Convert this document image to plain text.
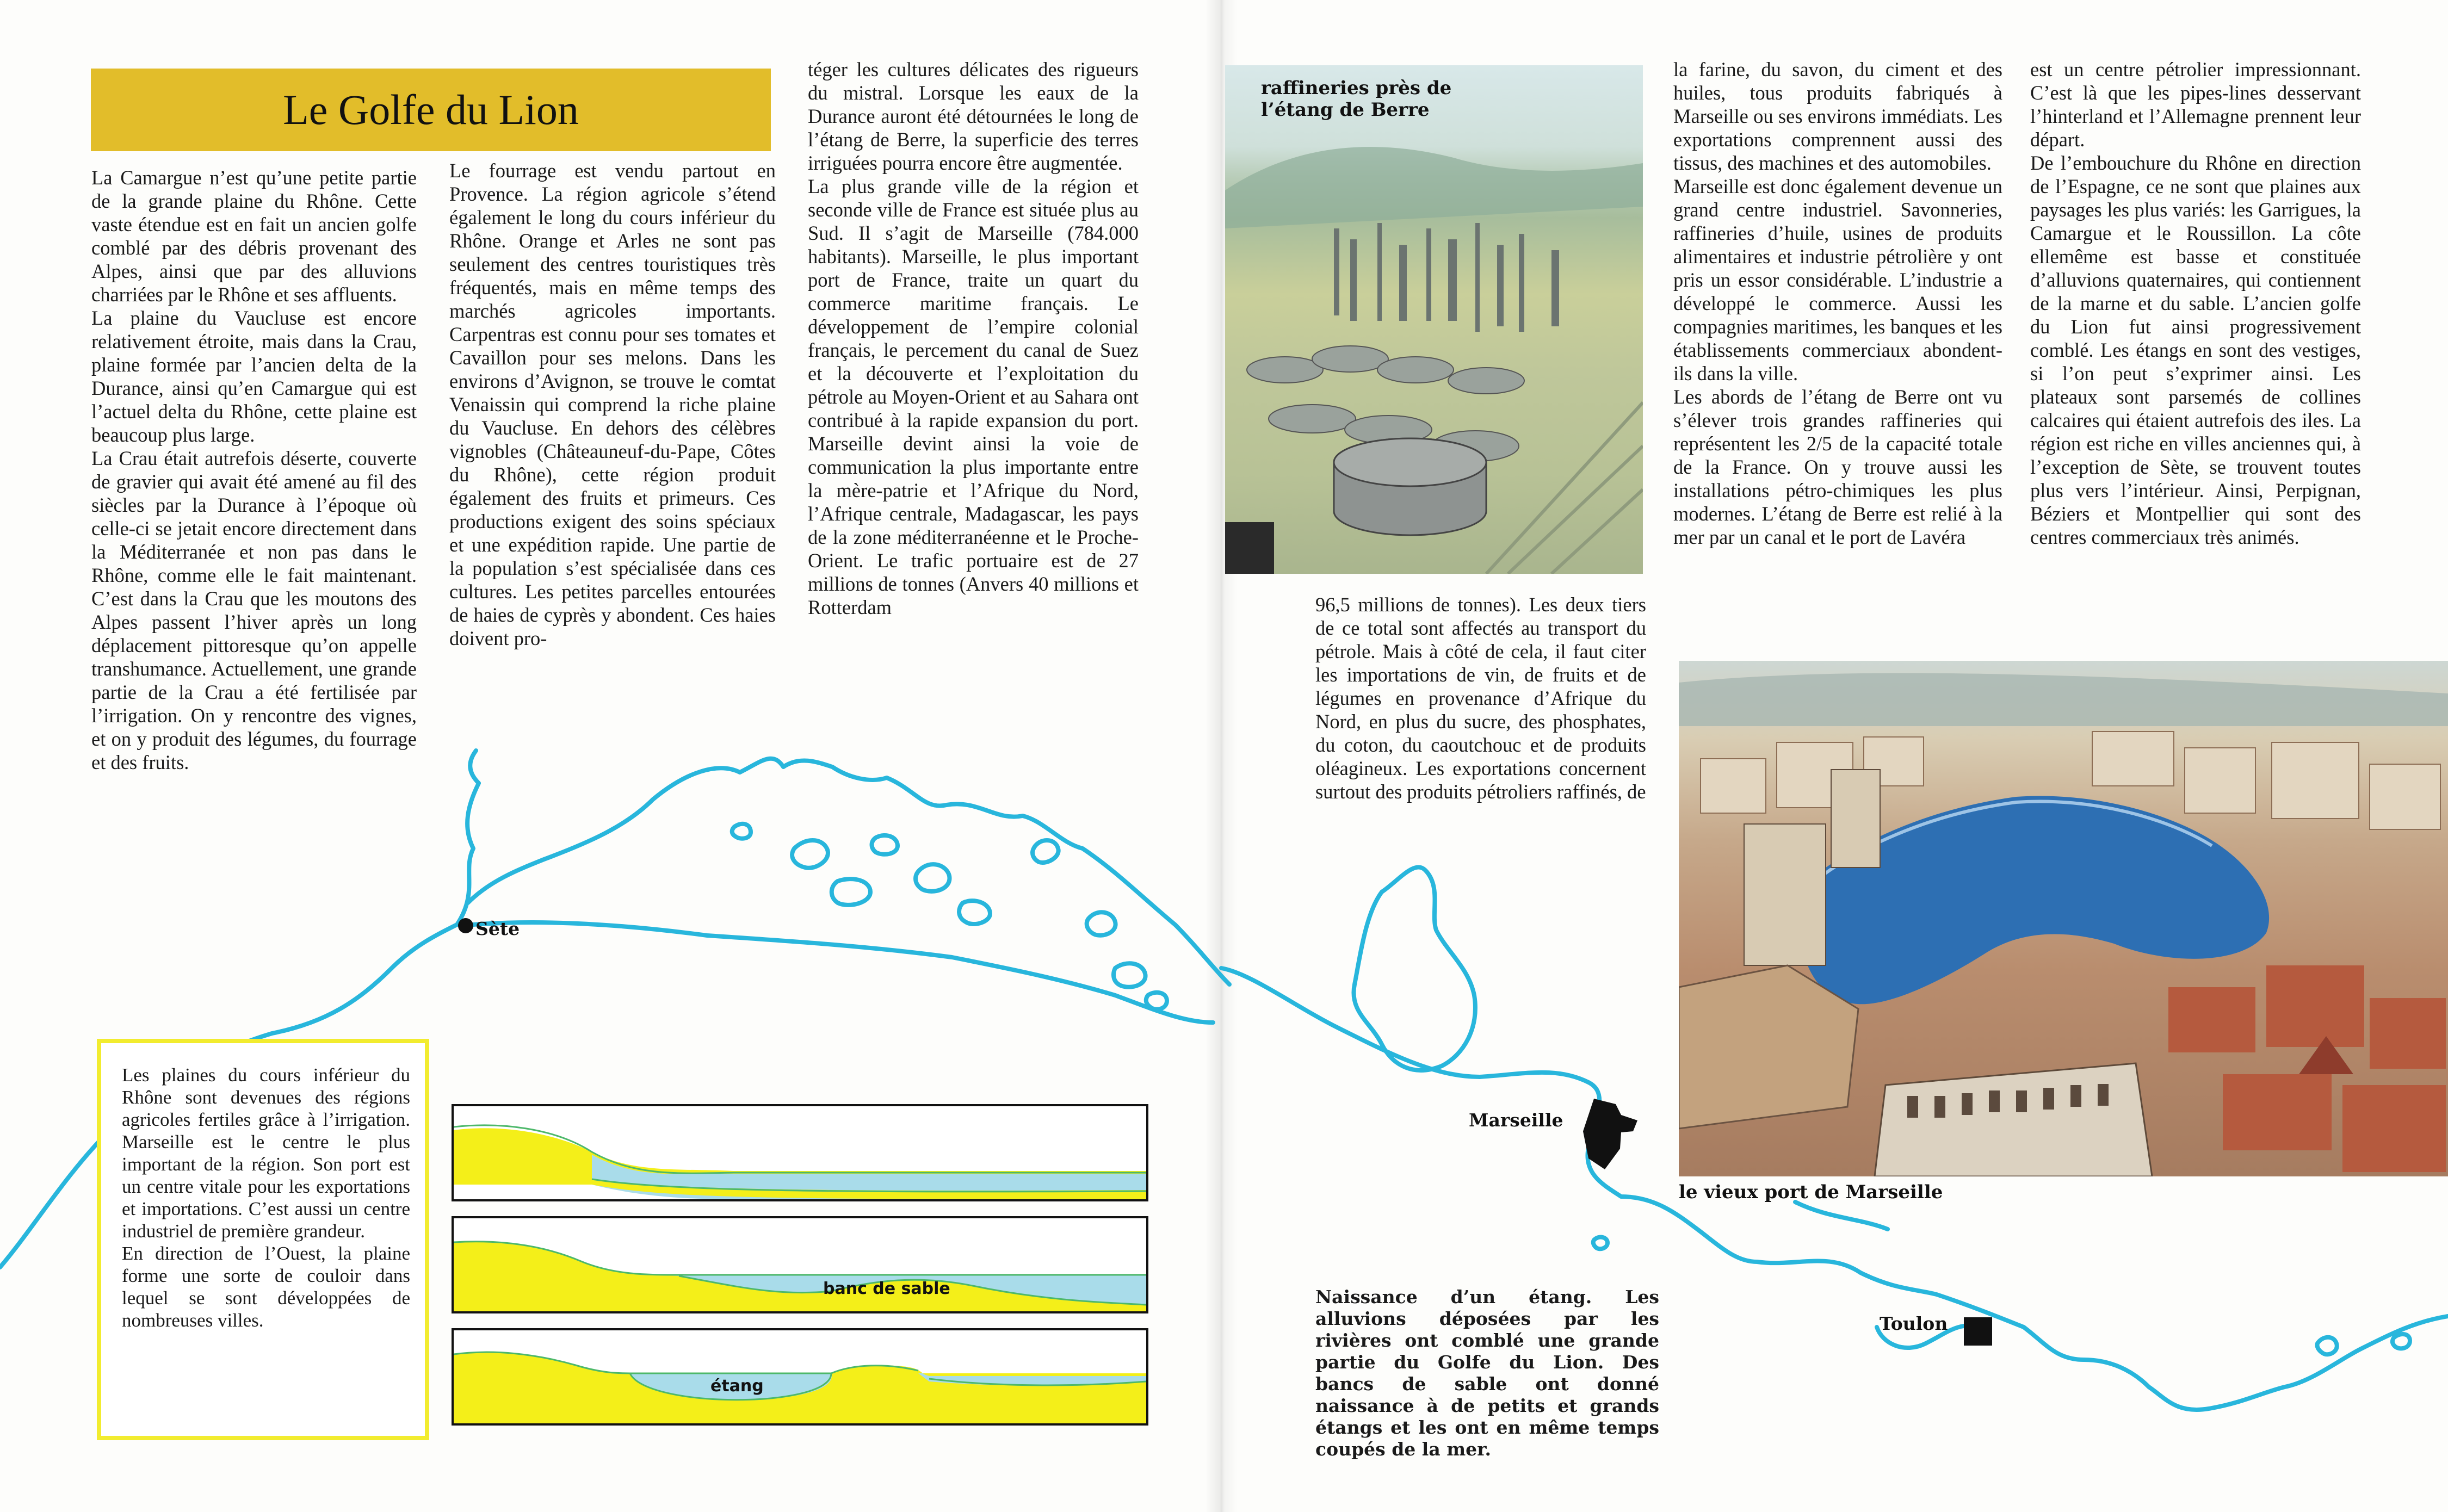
Le Golfe du Lion

La Camargue n’est qu’une petite partie de la grande plaine du Rhône. Cette vaste étendue est en fait un ancien golfe comblé par des débris provenant des Alpes, ainsi que par des alluvions charriées par le Rhône et ses affluents.

La plaine du Vaucluse est encore relativement étroite, mais dans la Crau, plaine formée par l’ancien delta de la Durance, ainsi qu’en Camargue qui est l’actuel delta du Rhône, cette plaine est beaucoup plus large.

La Crau était autrefois déserte, couverte de gravier qui avait été amené au fil des siècles par la Durance à l’époque où celle-ci se jetait encore directement dans la Méditerranée et non pas dans le Rhône, comme elle le fait maintenant. C’est dans la Crau que les moutons des Alpes passent l’hiver après un long déplacement pittoresque qu’on appelle transhumance. Actuellement, une grande partie de la Crau a été fertilisée par l’irrigation. On y rencontre des vignes, et on y produit des légumes, du fourrage et des fruits.

Le fourrage est vendu partout en Provence. La région agricole s’étend également le long du cours inférieur du Rhône. Orange et Arles ne sont pas seulement des centres touristiques très fréquentés, mais en même temps des marchés agricoles importants. Carpentras est connu pour ses tomates et Cavaillon pour ses melons. Dans les environs d’Avignon, se trouve le comtat Venaissin qui comprend la riche plaine du Vaucluse. En dehors des célèbres vignobles (Châteauneuf-du-Pape, Côtes du Rhône), cette région produit également des fruits et primeurs. Ces productions exigent des soins spéciaux et une expédition rapide. Une partie de la population s’est spécialisée dans ces cultures. Les petites parcelles entourées de haies de cyprès y abondent. Ces haies doivent pro-

téger les cultures délicates des rigueurs du mistral. Lorsque les eaux de la Durance auront été détournées le long de l’étang de Berre, la superficie des terres irriguées pourra encore être augmentée.

La plus grande ville de la région et seconde ville de France est située plus au Sud. Il s’agit de Marseille (784.000 habitants). Marseille, le plus important port de France, traite un quart du commerce maritime français. Le développement de l’empire colonial français, le percement du canal de Suez et la découverte et l’exploitation du pétrole au Moyen-Orient et au Sahara ont contribué à la rapide expansion du port. Marseille devint ainsi la voie de communication la plus importante entre la mère-patrie et l’Afrique du Nord, l’Afrique centrale, Madagascar, les pays de la zone méditerranéenne et le Proche-Orient. Le trafic portuaire est de 27 millions de tonnes (Anvers 40 millions et Rotterdam

Sète

Les plaines du cours inférieur du Rhône sont devenues des régions agricoles fertiles grâce à l’irrigation. Marseille est le centre le plus important de la région. Son port est un centre vitale pour les exportations et importations. C’est aussi un centre industriel de première grandeur.

En direction de l’Ouest, la plaine forme une sorte de couloir dans lequel se sont développées de nombreuses villes.

banc de sable
étang
raffineries près de l’étang de Berre

96,5 millions de tonnes). Les deux tiers de ce total sont affectés au transport du pétrole. Mais à côté de cela, il faut citer les importations de vin, de fruits et de légumes en provenance d’Afrique du Nord, en plus du sucre, des phosphates, du coton, du caoutchouc et de produits oléagineux. Les exportations concernent surtout des produits pétroliers raffinés, de

la farine, du savon, du ciment et des huiles, tous produits fabriqués à Marseille ou ses environs immédiats. Les exportations comprennent aussi des tissus, des machines et des automobiles.

Marseille est donc également devenue un grand centre industriel. Savonneries, raffineries d’huile, usines de produits alimentaires et industrie pétrolière y ont pris un essor considérable. L’industrie a développé le commerce. Aussi les compagnies maritimes, les banques et les établissements commerciaux abondent-ils dans la ville.

Les abords de l’étang de Berre ont vu s’élever trois grandes raffineries qui représentent les 2/5 de la capacité totale de la France. On y trouve aussi les installations pétro-chimiques les plus modernes. L’étang de Berre est relié à la mer par un canal et le port de Lavéra

est un centre pétrolier impressionnant. C’est là que les pipes-lines desservant l’hinterland et l’Allemagne prennent leur départ.

De l’embouchure du Rhône en direction de l’Espagne, ce ne sont que plaines aux paysages les plus variés: les Garrigues, la Camargue et le Roussillon. La côte ellemême est basse et constituée d’alluvions quaternaires, qui contiennent de la marne et du sable. L’ancien golfe du Lion fut ainsi progressivement comblé. Les étangs en sont des vestiges, si l’on peut s’exprimer ainsi. Les plateaux sont parsemés de collines calcaires qui étaient autrefois des iles. La région est riche en villes anciennes qui, à l’exception de Sète, se trouvent toutes plus vers l’intérieur. Ainsi, Perpignan, Béziers et Montpellier qui sont des centres commerciaux très animés.

le vieux port de Marseille
Marseille
Toulon

Naissance d’un étang. Les alluvions déposées par les rivières ont comblé une grande partie du Golfe du Lion. Des bancs de sable ont donné naissance à de petits et grands étangs et les ont en même temps coupés de la mer.
